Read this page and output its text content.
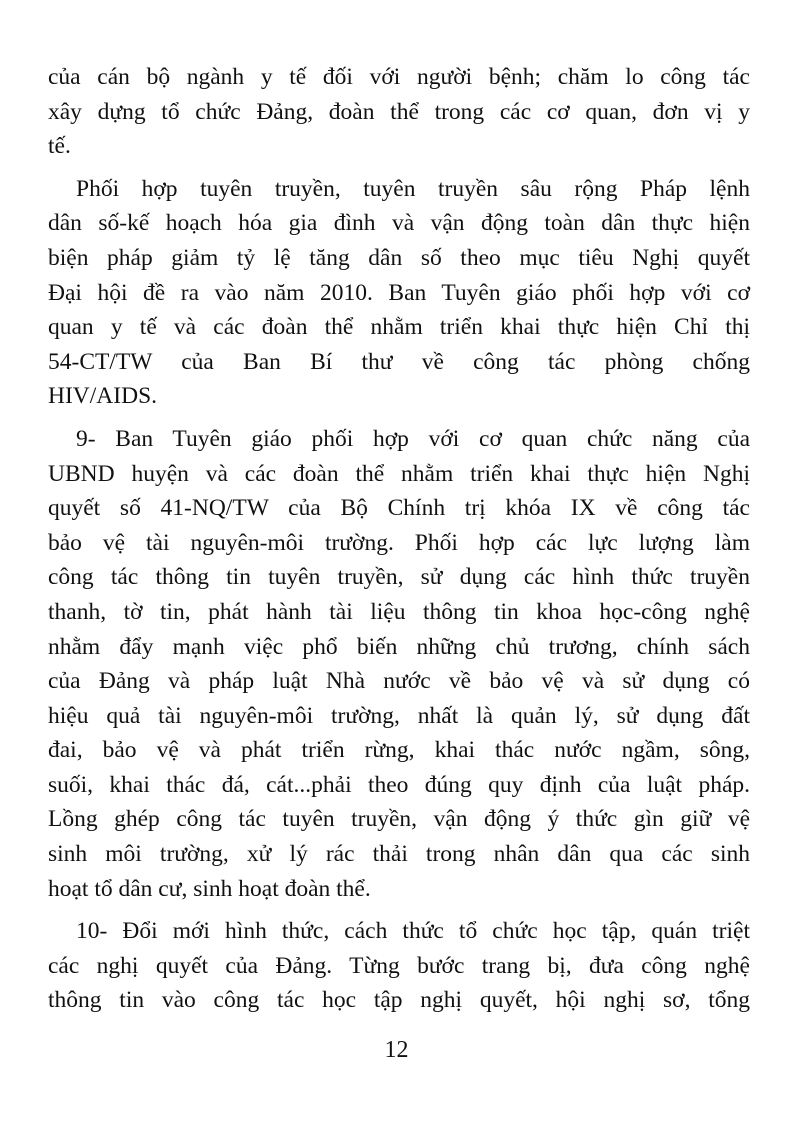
của cán bộ ngành y tế đối với người bệnh; chăm lo công tác
xây dựng tổ chức Đảng, đoàn thể trong các cơ quan, đơn vị y
tế.
Phối hợp tuyên truyền, tuyên truyền sâu rộng Pháp lệnh
dân số-kế hoạch hóa gia đình và vận động toàn dân thực hiện
biện pháp giảm tỷ lệ tăng dân số theo mục tiêu Nghị quyết
Đại hội đề ra vào năm 2010. Ban Tuyên giáo phối hợp với cơ
quan y tế và các đoàn thể nhằm triển khai thực hiện Chỉ thị
54-CT/TW của Ban Bí thư về công tác phòng chống
HIV/AIDS.
9- Ban Tuyên giáo phối hợp với cơ quan chức năng của
UBND huyện và các đoàn thể nhằm triển khai thực hiện Nghị
quyết số 41-NQ/TW của Bộ Chính trị khóa IX về công tác
bảo vệ tài nguyên-môi trường. Phối hợp các lực lượng làm
công tác thông tin tuyên truyền, sử dụng các hình thức truyền
thanh, tờ tin, phát hành tài liệu thông tin khoa học-công nghệ
nhằm đẩy mạnh việc phổ biến những chủ trương, chính sách
của Đảng và pháp luật Nhà nước về bảo vệ và sử dụng có
hiệu quả tài nguyên-môi trường, nhất là quản lý, sử dụng đất
đai, bảo vệ và phát triển rừng, khai thác nước ngầm, sông,
suối, khai thác đá, cát...phải theo đúng quy định của luật pháp.
Lồng ghép công tác tuyên truyền, vận động ý thức gìn giữ vệ
sinh môi trường, xử lý rác thải trong nhân dân qua các sinh
hoạt tổ dân cư, sinh hoạt đoàn thể.
10- Đổi mới hình thức, cách thức tổ chức học tập, quán triệt
các nghị quyết của Đảng. Từng bước trang bị, đưa công nghệ
thông tin vào công tác học tập nghị quyết, hội nghị sơ, tổng
12
